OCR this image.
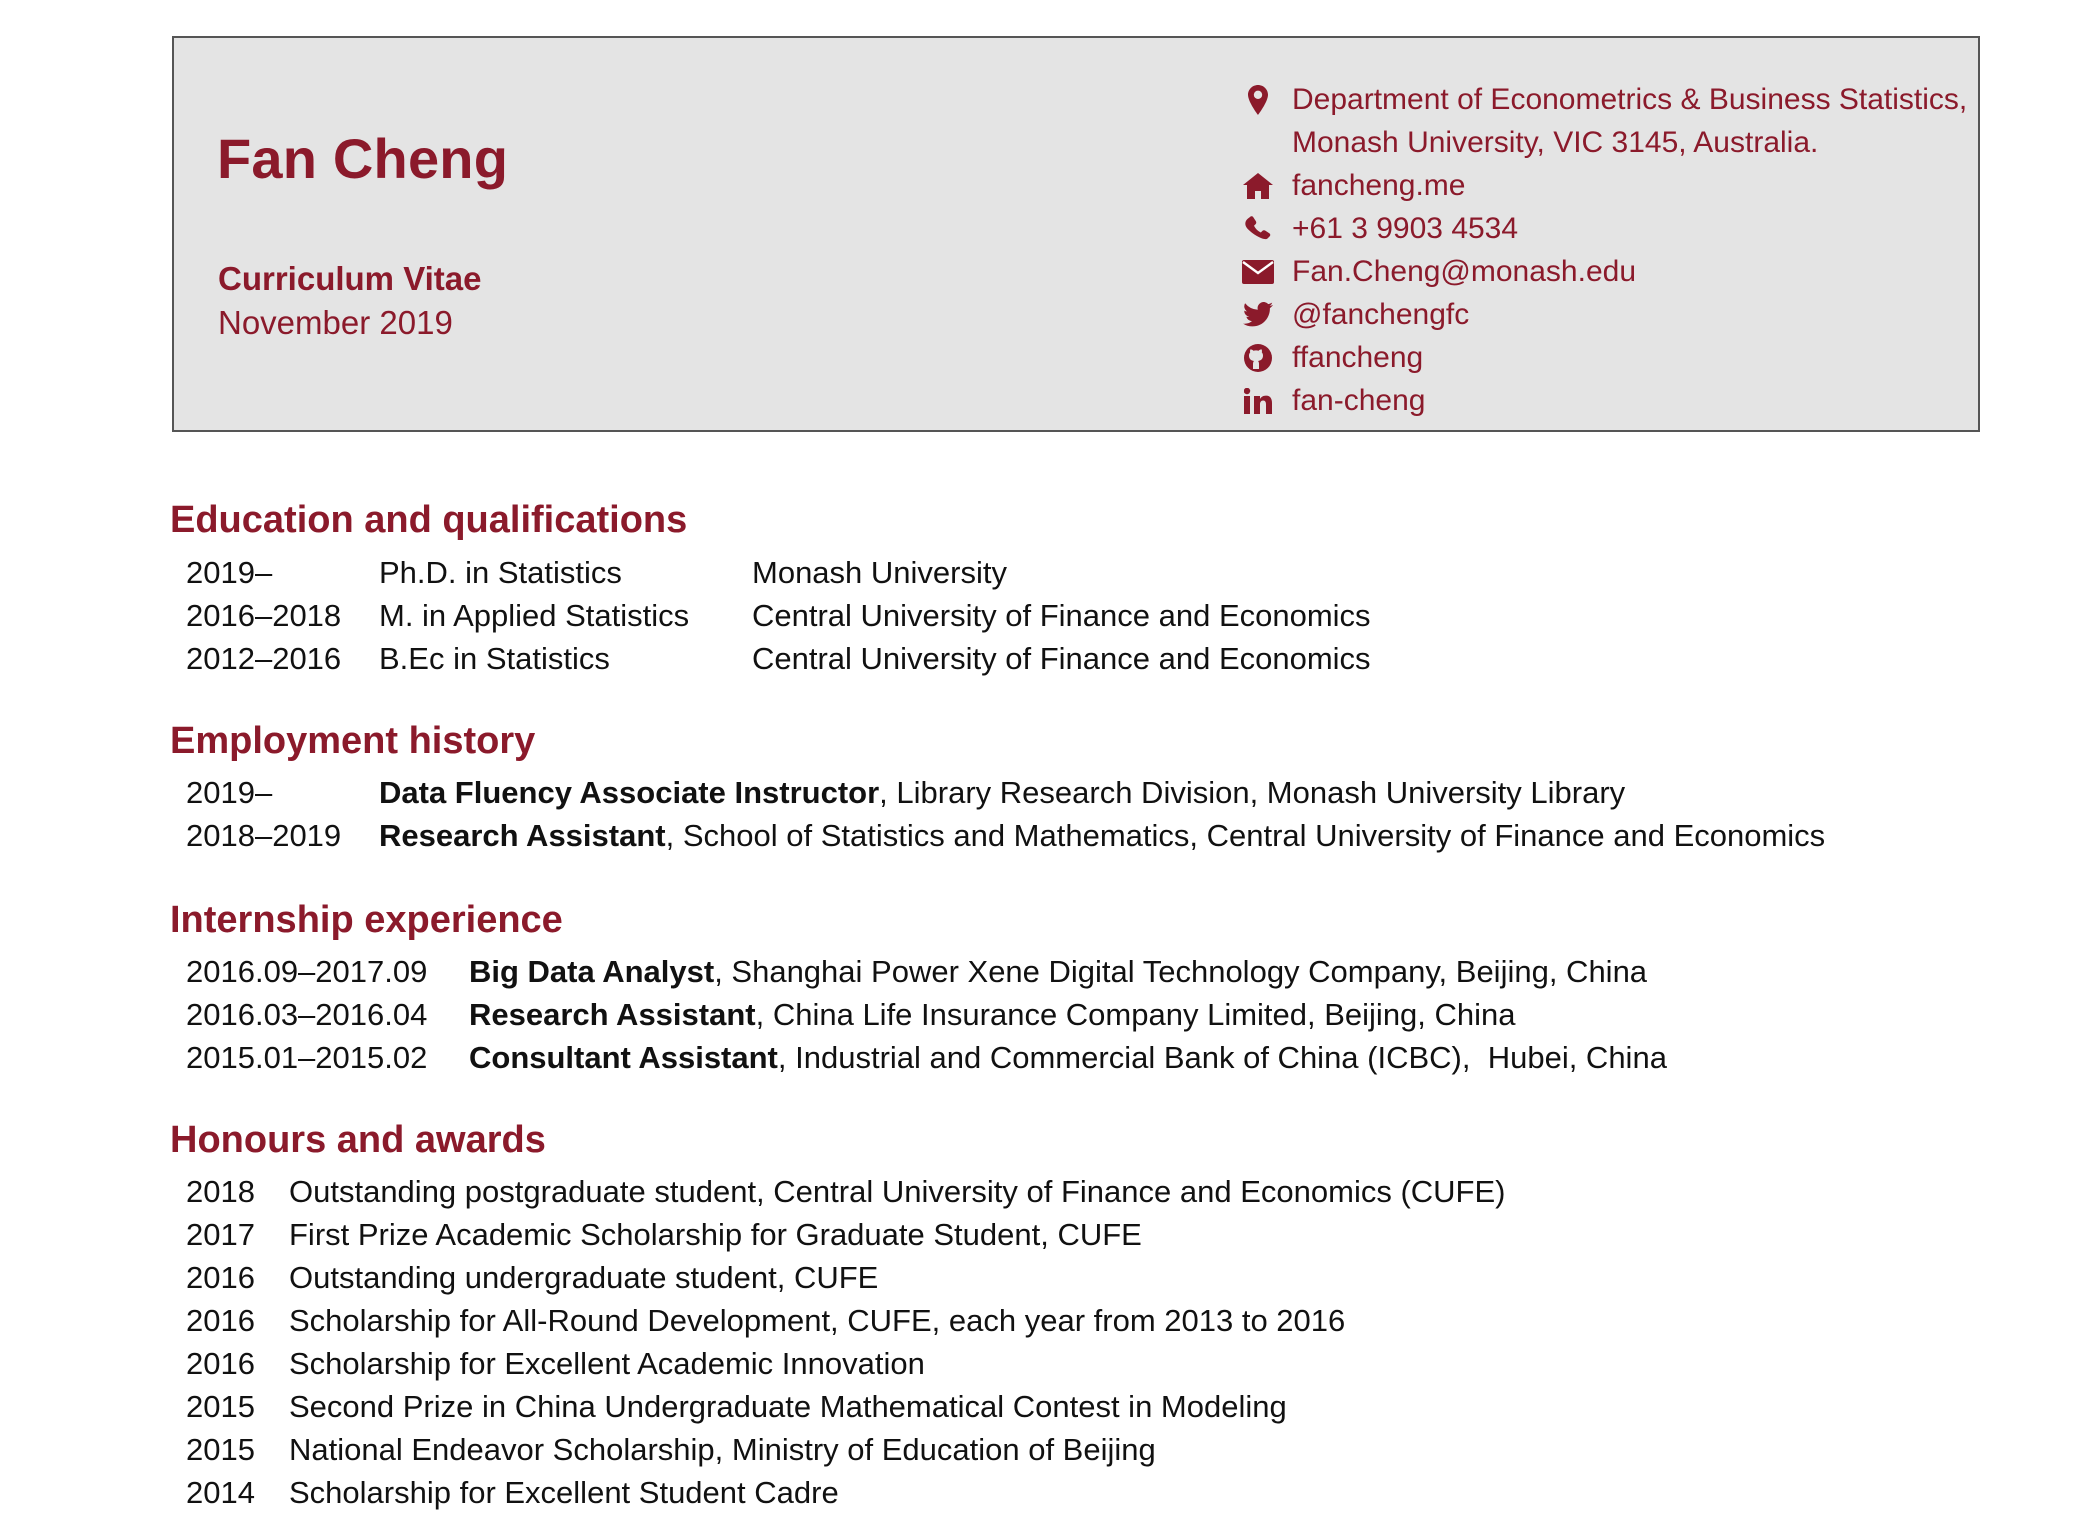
Fan Cheng
Curriculum Vitae
November 2019
Department of Econometrics & Business Statistics,
Monash University, VIC 3145, Australia.
fancheng.me
+61 3 9903 4534
Fan.Cheng@monash.edu
@fanchengfc
ffancheng
fan-cheng
Education and qualifications
2019–	Ph.D. in Statistics	Monash University
2016–2018	M. in Applied Statistics	Central University of Finance and Economics
2012–2016	B.Ec in Statistics	Central University of Finance and Economics
Employment history
2019–	Data Fluency Associate Instructor, Library Research Division, Monash University Library
2018–2019	Research Assistant, School of Statistics and Mathematics, Central University of Finance and Economics
Internship experience
2016.09–2017.09	Big Data Analyst, Shanghai Power Xene Digital Technology Company, Beijing, China
2016.03–2016.04	Research Assistant, China Life Insurance Company Limited, Beijing, China
2015.01–2015.02	Consultant Assistant, Industrial and Commercial Bank of China (ICBC),  Hubei, China
Honours and awards
2018	Outstanding postgraduate student, Central University of Finance and Economics (CUFE)
2017	First Prize Academic Scholarship for Graduate Student, CUFE
2016	Outstanding undergraduate student, CUFE
2016	Scholarship for All-Round Development, CUFE, each year from 2013 to 2016
2016	Scholarship for Excellent Academic Innovation
2015	Second Prize in China Undergraduate Mathematical Contest in Modeling
2015	National Endeavor Scholarship, Ministry of Education of Beijing
2014	Scholarship for Excellent Student Cadre
